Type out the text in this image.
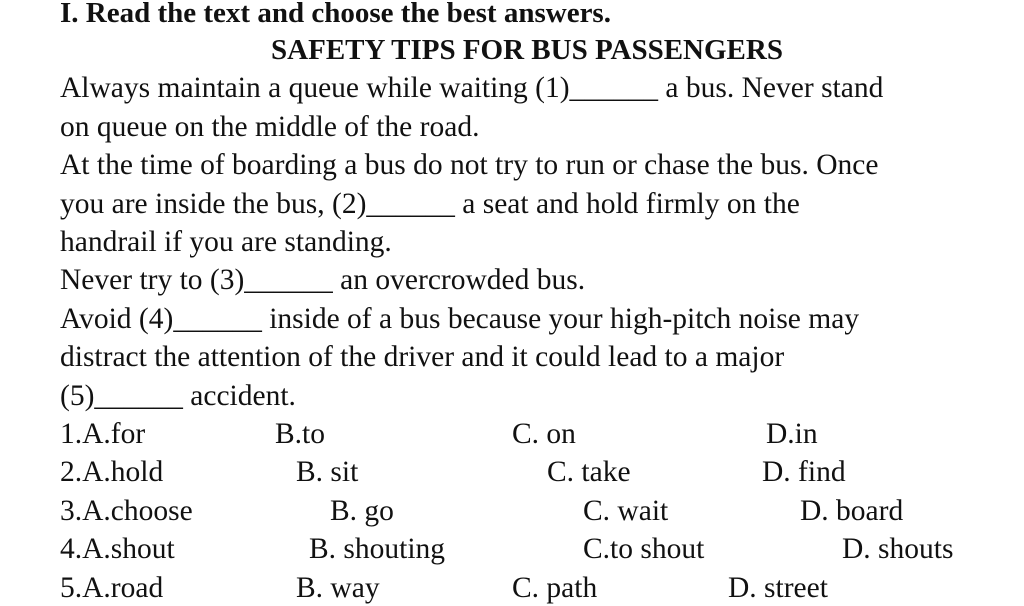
I. Read the text and choose the best answers.
SAFETY TIPS FOR BUS PASSENGERS
Always maintain a queue while waiting (1)______ a bus. Never stand
on queue on the middle of the road.
At the time of boarding a bus do not try to run or chase the bus. Once
you are inside the bus, (2)______ a seat and hold firmly on the
handrail if you are standing.
Never try to (3)______ an overcrowded bus.
Avoid (4)______ inside of a bus because your high-pitch noise may
distract the attention of the driver and it could lead to a major
(5)______ accident.
1.A.for	B.to	C. on	D.in
2.A.hold	B. sit	C. take	D. find
3.A.choose	B. go	C. wait	D. board
4.A.shout	B. shouting	C.to shout	D. shouts
5.A.road	B. way	C. path	D. street
